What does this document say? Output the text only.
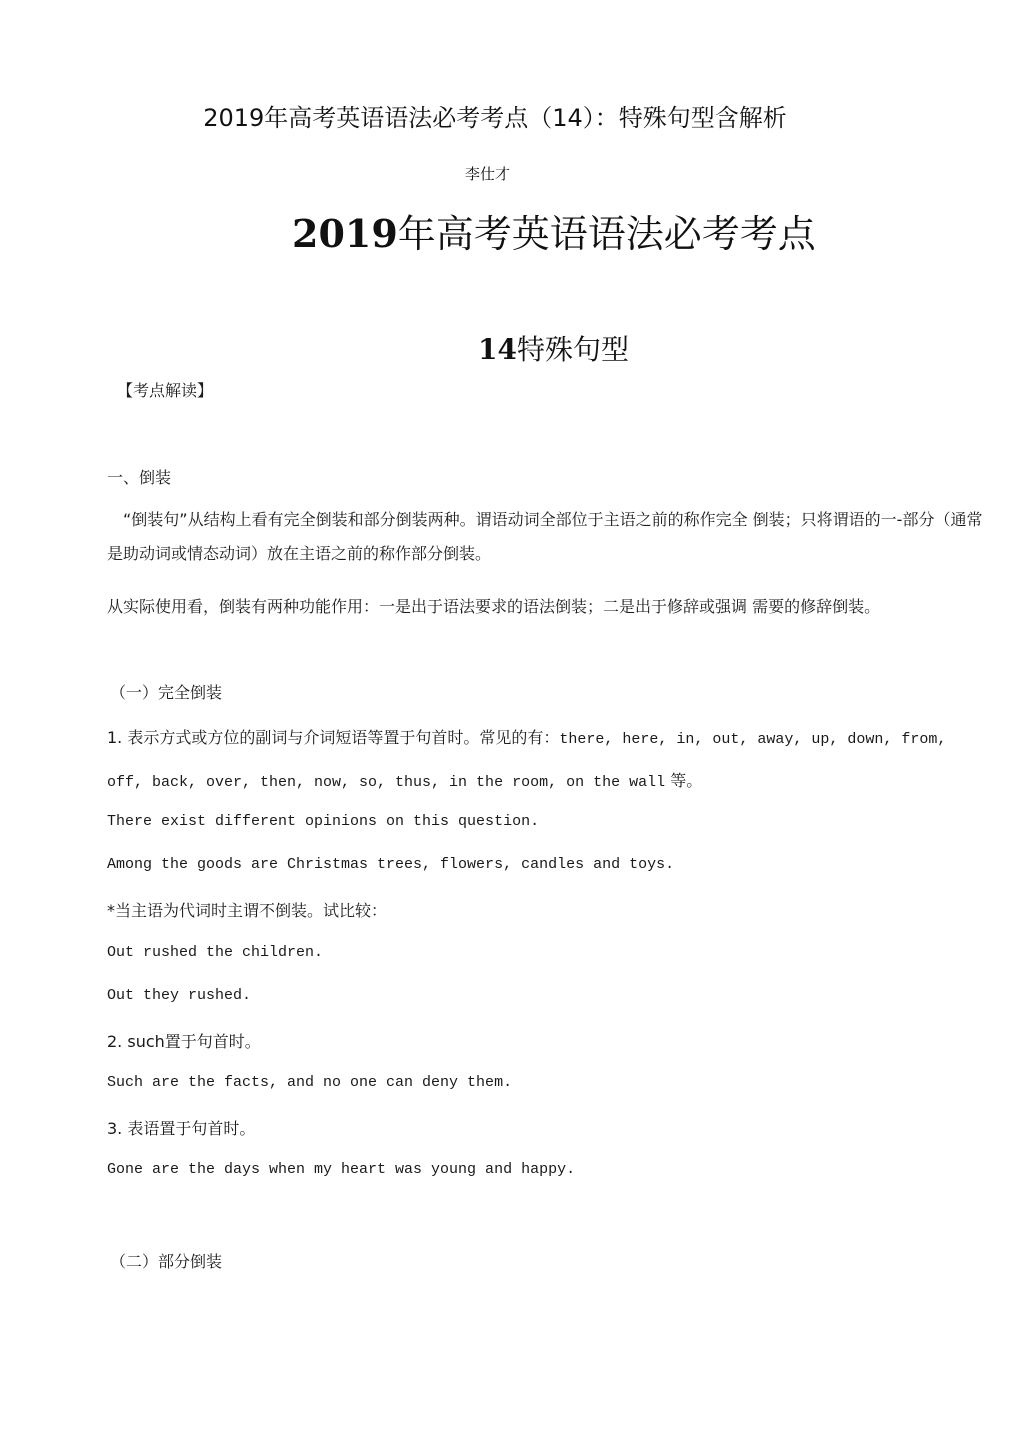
2019年高考英语语法必考考点（14）：特殊句型含解析
李仕才
2019年高考英语语法必考考点
14特殊句型
【考点解读】
一、倒装
“倒装句”从结构上看有完全倒装和部分倒装两种。谓语动词全部位于主语之前的称作完全 倒装；只将谓语的一-部分（通常是助动词或情态动词）放在主语之前的称作部分倒装。
从实际使用看，倒装有两种功能作用：一是出于语法要求的语法倒装；二是出于修辞或强调 需要的修辞倒装。
（一）完全倒装
1. 表示方式或方位的副词与介词短语等置于句首时。常见的有：there, here, in, out, away, up, down, from,
off, back, over, then, now, so, thus, in the room, on the wall 等。
There exist different opinions on this question.
Among the goods are Christmas trees, flowers, candles and toys.
*当主语为代词时主谓不倒装。试比较：
Out rushed the children.
Out they rushed.
2. such置于句首时。
Such are the facts, and no one can deny them.
3. 表语置于句首时。
Gone are the days when my heart was young and happy.
（二）部分倒装
